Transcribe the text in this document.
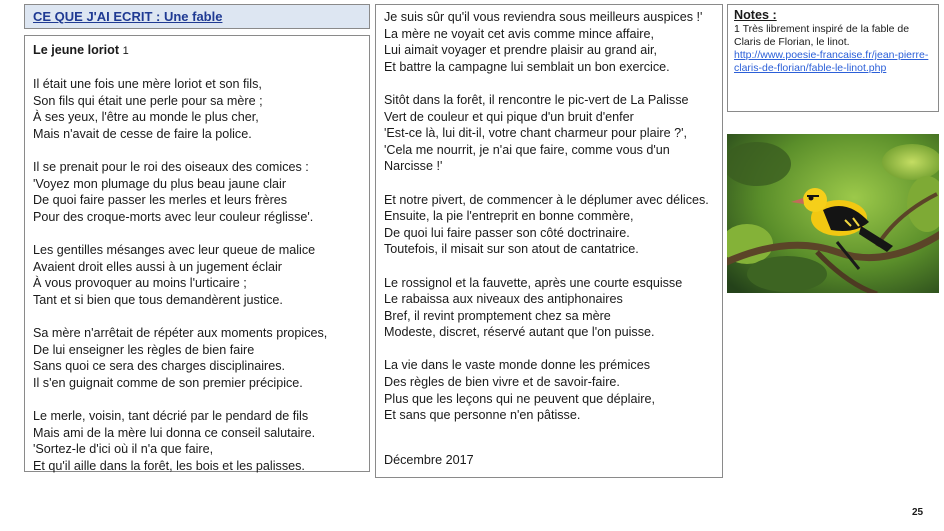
CE QUE J'AI ECRIT : Une fable
Le jeune loriot 1
Il était une fois une mère loriot et son fils,
Son fils qui était une perle pour sa mère ;
À ses yeux, l'être au monde le plus cher,
Mais n'avait de cesse de faire la police.
Il se prenait pour le roi des oiseaux des comices :
'Voyez mon plumage du plus beau jaune clair
De quoi faire passer les merles et leurs frères
Pour des croque-morts avec leur couleur réglisse'.
Les gentilles mésanges avec leur queue de malice
Avaient droit elles aussi à un jugement éclair
À vous provoquer au moins l'urticaire ;
Tant et si bien que tous demandèrent justice.
Sa mère n'arrêtait de répéter aux moments propices,
De lui enseigner les règles de bien faire
Sans quoi ce sera des charges disciplinaires.
Il s'en guignait comme de son premier précipice.
Le merle, voisin, tant décrié par le pendard de fils
Mais ami de la mère lui donna ce conseil salutaire.
'Sortez-le d'ici où il n'a que faire,
Et qu'il aille dans la forêt, les bois et les palisses.
Je suis sûr qu'il vous reviendra sous meilleurs auspices !'
La mère ne voyait cet avis comme mince affaire,
Lui aimait voyager et prendre plaisir au grand air,
Et battre la campagne lui semblait un bon exercice.
Sitôt dans la forêt, il rencontre le pic-vert de La Palisse
Vert de couleur et qui pique d'un bruit d'enfer
'Est-ce là, lui dit-il, votre chant charmeur pour plaire ?',
'Cela me nourrit, je n'ai que faire, comme vous d'un
Narcisse !'
Et notre pivert, de commencer à le déplumer avec délices.
Ensuite, la pie l'entreprit en bonne commère,
De quoi lui faire passer son côté doctrinaire.
Toutefois, il misait sur son atout de cantatrice.
Le rossignol et la fauvette, après une courte esquisse
Le rabaissa aux niveaux des antiphonaires
Bref, il revint promptement chez sa mère
Modeste, discret, réservé autant que l'on puisse.
La vie dans le vaste monde donne les prémices
Des règles de bien vivre et de savoir-faire.
Plus que les leçons qui ne peuvent que déplaire,
Et sans que personne n'en pâtisse.
Décembre 2017
Notes :
1 Très librement inspiré de la fable de Claris de Florian, le linot.
http://www.poesie-francaise.fr/jean-pierre-claris-de-florian/fable-le-linot.php
25
